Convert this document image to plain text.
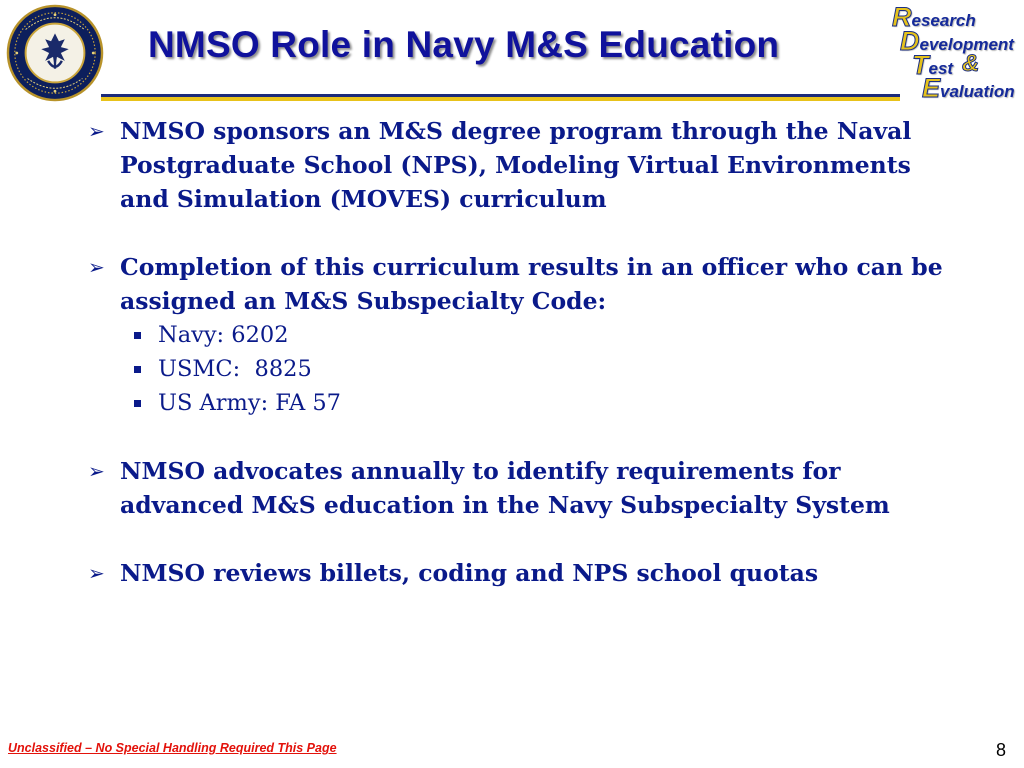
NMSO Role in Navy M&S Education
Research
Development
Test &
Evaluation

➢ NMSO sponsors an M&S degree program through the Naval Postgraduate School (NPS), Modeling Virtual Environments and Simulation (MOVES) curriculum

➢ Completion of this curriculum results in an officer who can be assigned an M&S Subspecialty Code:

Navy: 6202
USMC:  8825
US Army: FA 57

➢ NMSO advocates annually to identify requirements for advanced M&S education in the Navy Subspecialty System

➢ NMSO reviews billets, coding and NPS school quotas

Unclassified – No Special Handling Required This Page	8
